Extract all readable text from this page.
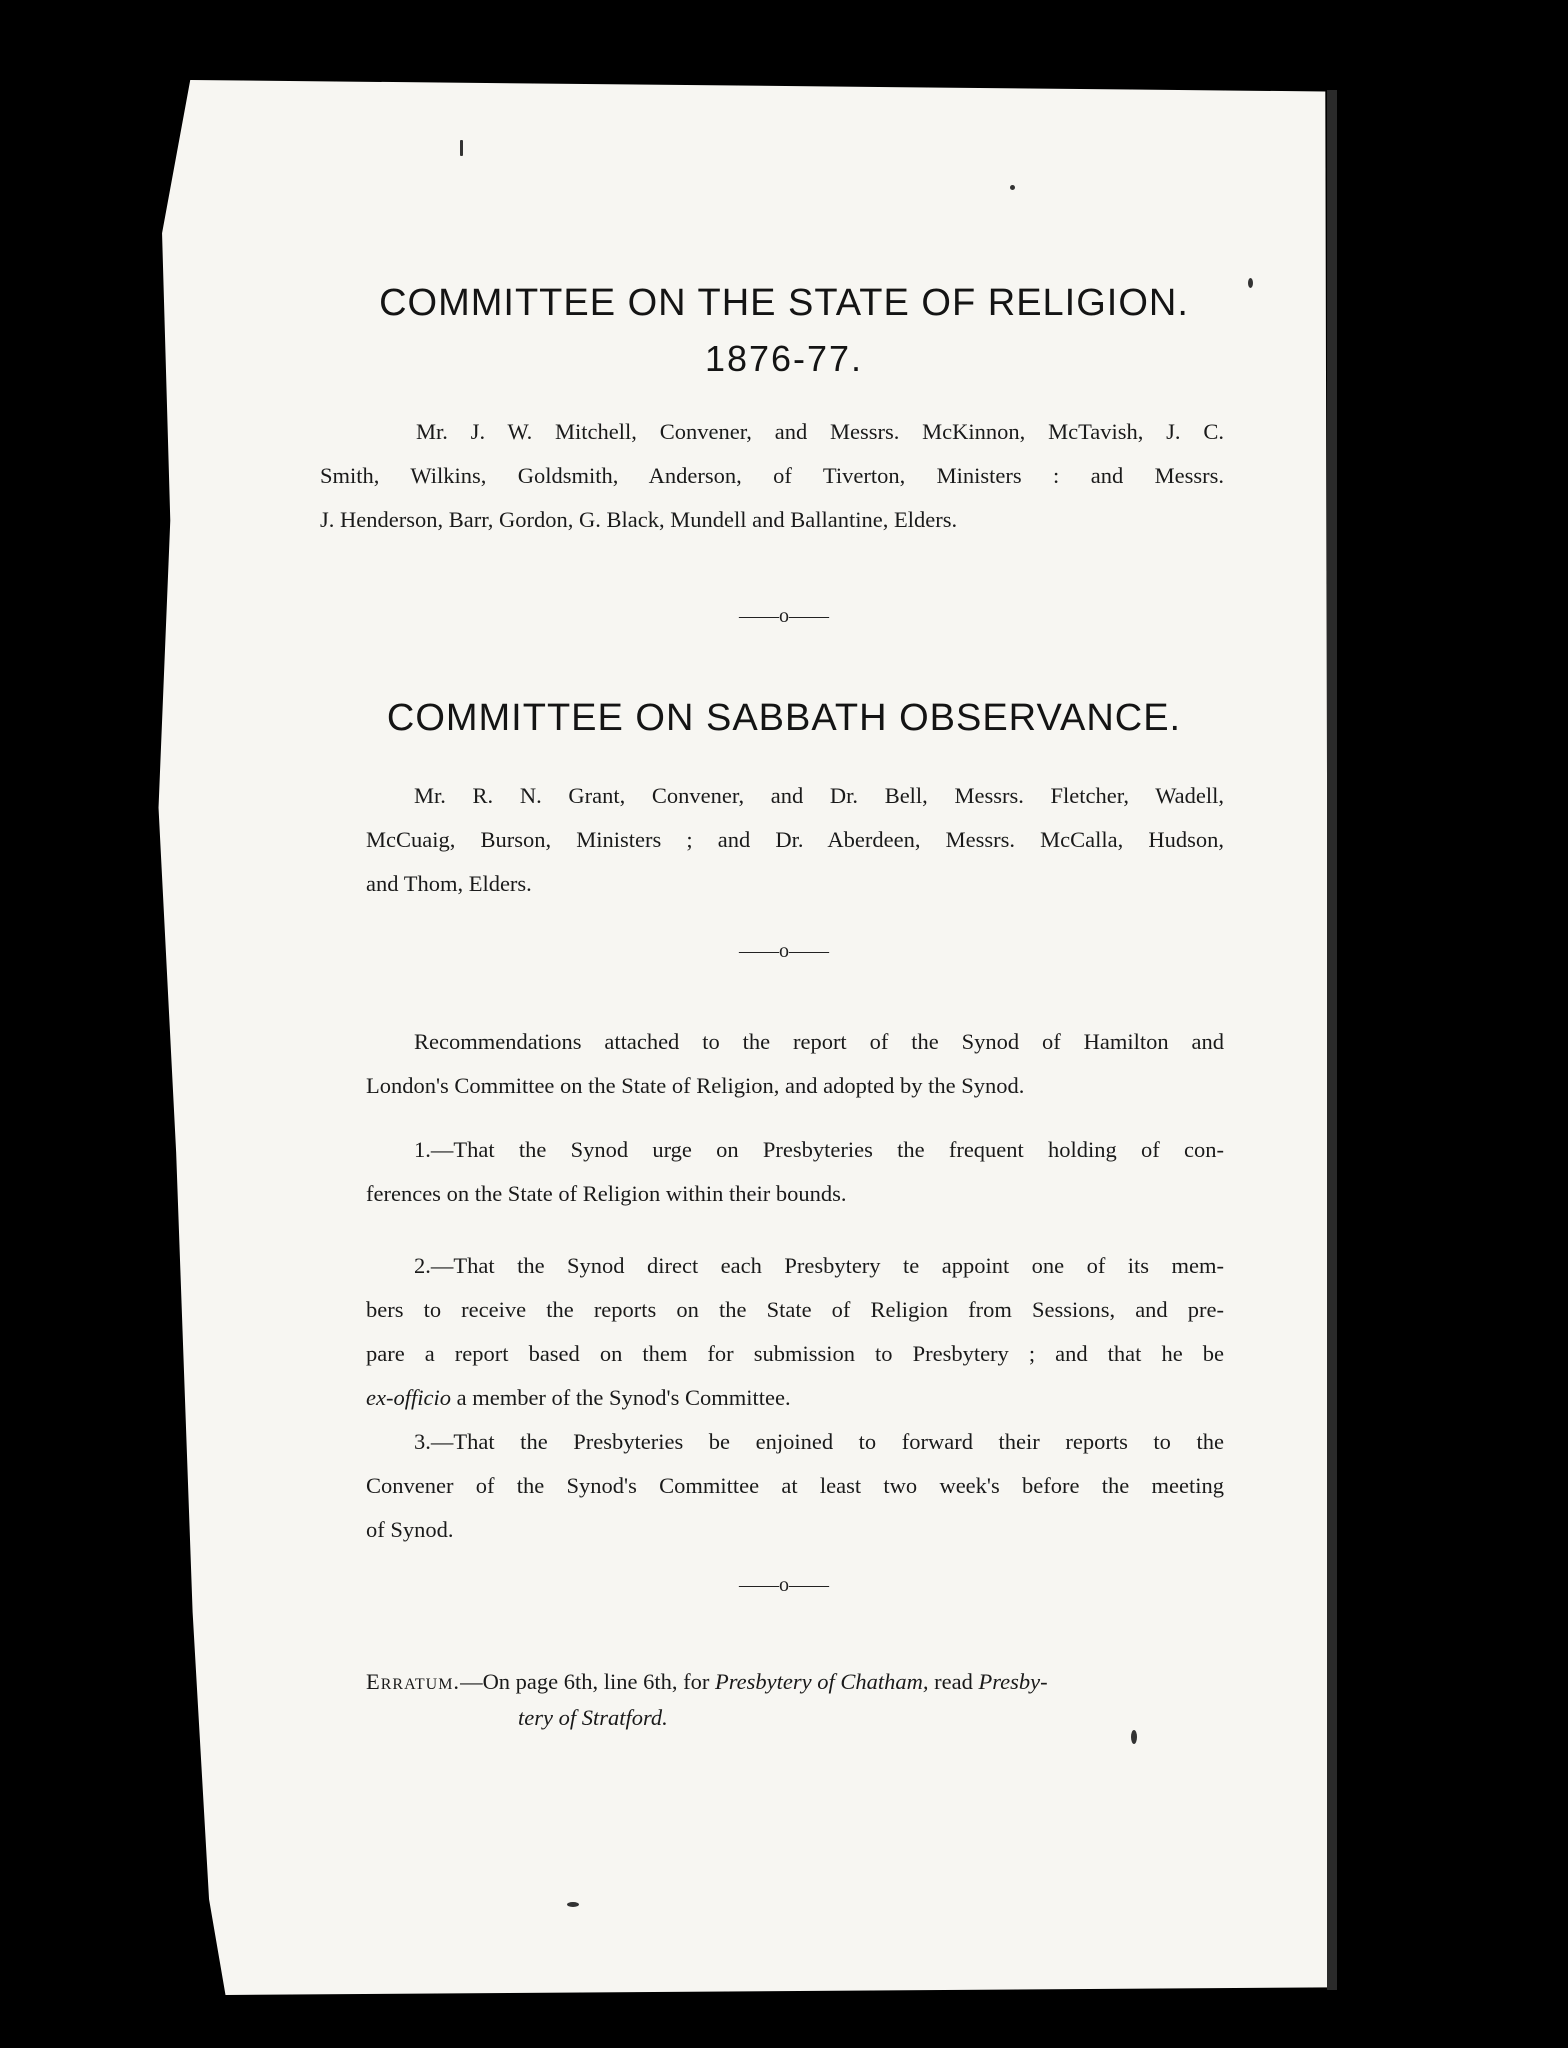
COMMITTEE ON THE STATE OF RELIGION.
1876-77.
Mr. J. W. Mitchell, Convener, and Messrs. McKinnon, McTavish, J. C.
Smith, Wilkins, Goldsmith, Anderson, of Tiverton, Ministers : and Messrs.
J. Henderson, Barr, Gordon, G. Black, Mundell and Ballantine, Elders.
——o——
COMMITTEE ON SABBATH OBSERVANCE.
Mr. R. N. Grant, Convener, and Dr. Bell, Messrs. Fletcher, Wadell,
McCuaig, Burson, Ministers ; and Dr. Aberdeen, Messrs. McCalla, Hudson,
and Thom, Elders.
——o——
Recommendations attached to the report of the Synod of Hamilton and
London's Committee on the State of Religion, and adopted by the Synod.
1.—That the Synod urge on Presbyteries the frequent holding of con-
ferences on the State of Religion within their bounds.
2.—That the Synod direct each Presbytery te appoint one of its mem-
bers to receive the reports on the State of Religion from Sessions, and pre-
pare a report based on them for submission to Presbytery ; and that he be
ex-officio a member of the Synod's Committee.
3.—That the Presbyteries be enjoined to forward their reports to the
Convener of the Synod's Committee at least two week's before the meeting
of Synod.
——o——
Erratum.—On page 6th, line 6th, for Presbytery of Chatham, read Presby-
tery of Stratford.
